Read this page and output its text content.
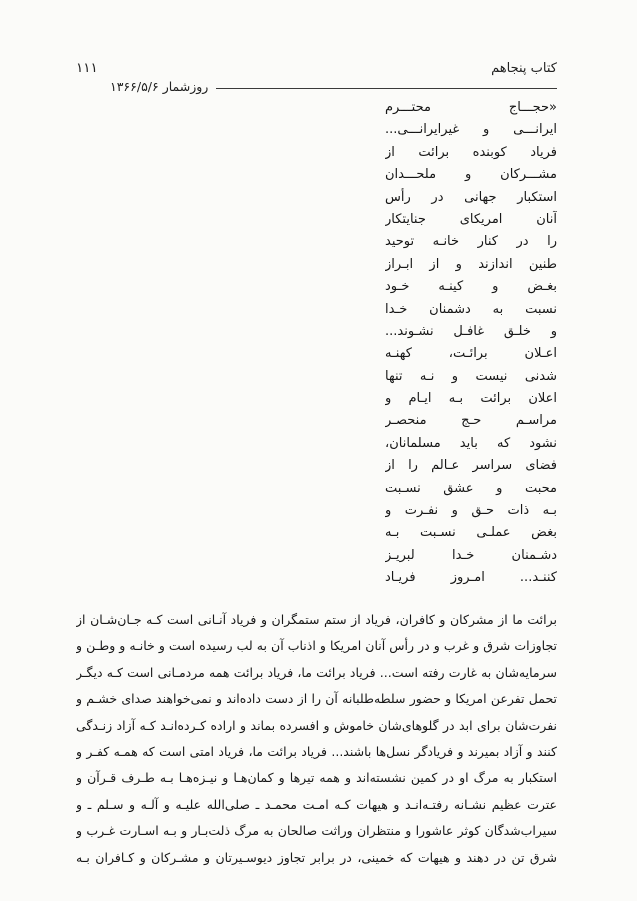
كتاب پنجاهم
۱۱۱
روزشمار ۱۳۶۶/۵/۶
«حجـــاج محتـــرم
ایرانـــی و غیرایرانـــی...
فریاد کوبنده برائت از
مشـــرکان و ملحـــدان
استکبار جهانی در رأس
آنان امریکای جنایتکار
را در کنار خانـه توحید
طنین اندازند و از ابـراز
بغـض و کینـه خـود
نسبت به دشمنان خـدا
و خلـق غافـل نشـوند...
اعـلان برائـت، کهنـه
شدنی نیست و نـه تنها
اعلان برائت بـه ایـام و
مراسـم حـج منحصـر
نشود که باید مسلمانان،
فضای سراسر عـالم را از
محبت و عشق نسـبت
بـه ذات حـق و نفـرت و
بغض عملـی نسـبت بـه
دشـمنان خـدا لبریـز
کننـد... امـروز فریـاد
برائت ما از مشرکان و کافران، فریاد از ستم ستمگران و فریاد آنـانی است کـه جـان‌شـان از
تجاوزات شرق و غرب و در رأس آنان امریکا و اذناب آن به لب رسیده است و خانـه و وطـن و
سرمایه‌شان به غارت رفته است... فریاد برائت ما، فریاد برائت همه مردمـانی است کـه دیگـر
تحمل تفرعن امریکا و حضور سلطه‌طلبانه آن را از دست داده‌اند و نمی‌خواهند صدای خشـم و
نفرت‌شان برای ابد در گلوهای‌شان خاموش و افسرده بماند و اراده کـرده‌انـد کـه آزاد زنـدگی
کنند و آزاد بمیرند و فریادگر نسل‌ها باشند... فریاد برائت ما، فریاد امتی است که همـه کفـر و
استکبار به مرگ او در کمین نشسته‌اند و همه تیرها و کمان‌هـا و نیـزه‌هـا بـه طـرف قـرآن و
عترت عظیم نشـانه رفتـه‌انـد و هیهات کـه امـت محمـد ـ صلی‌الله علیـه و آلـه و سـلم ـ و
سیراب‌شدگان کوثر عاشورا و منتظران وراثت صالحان به مرگ ذلت‌بـار و بـه اسـارت غـرب و
شرق تن در دهند و هیهات که خمینی، در برابر تجاوز دیوسـیرتان و مشـرکان و کـافران بـه
